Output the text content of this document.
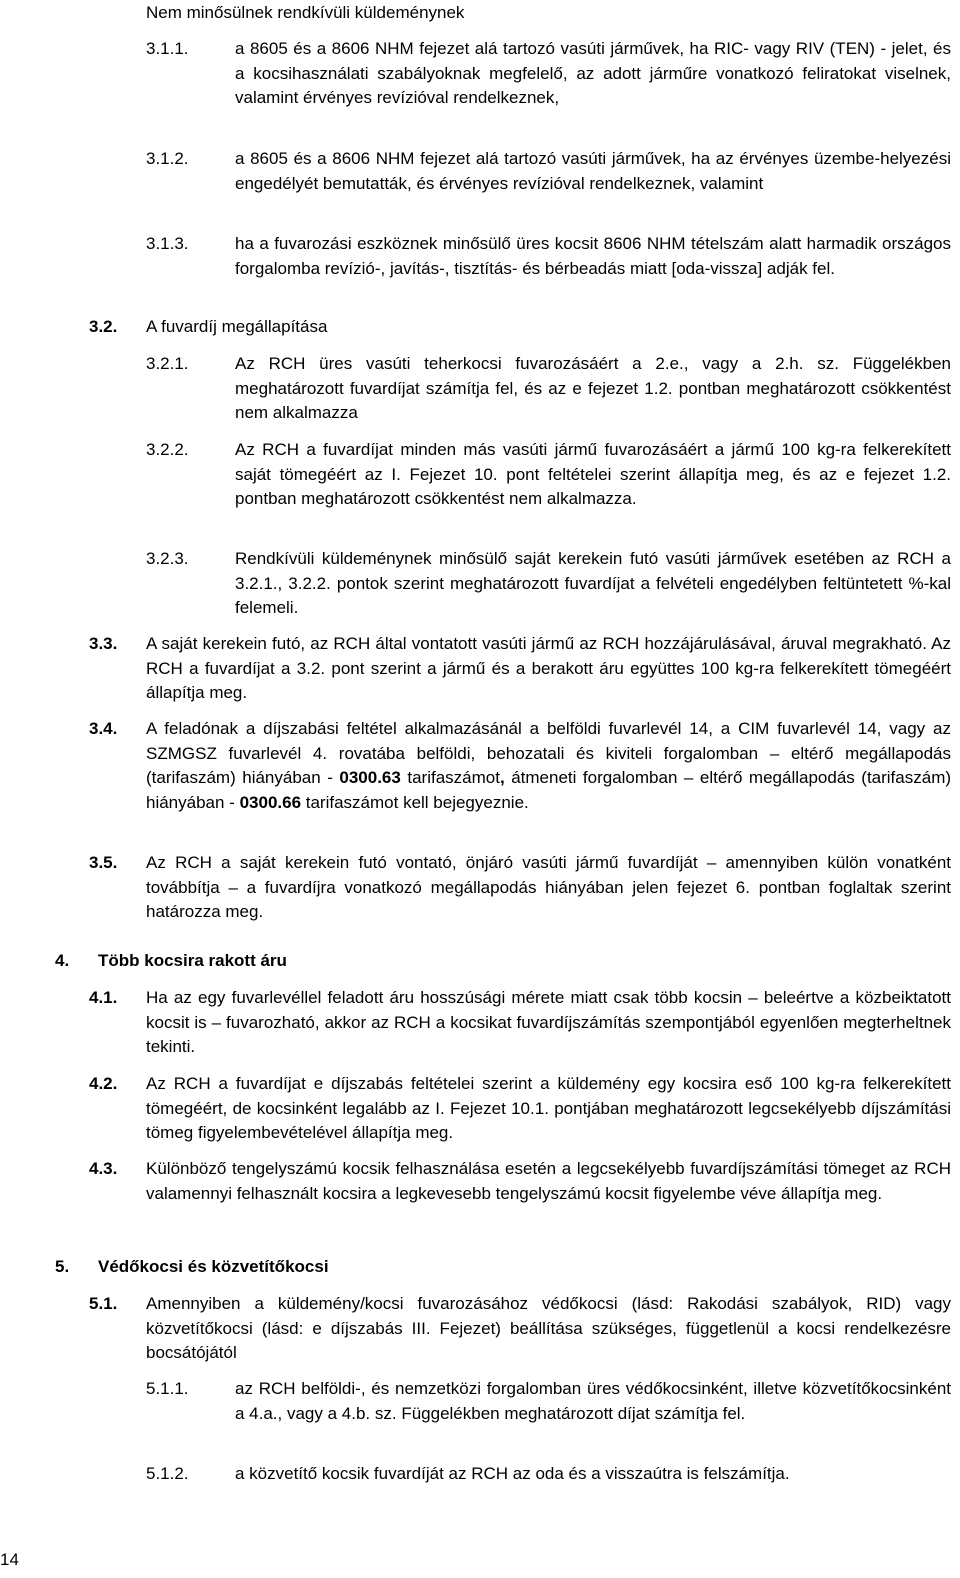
Nem minősülnek rendkívüli küldeménynek
3.1.1.	a 8605 és a 8606 NHM fejezet alá tartozó vasúti járművek, ha RIC- vagy RIV (TEN) - jelet, és a kocsihasználati szabályoknak megfelelő, az adott járműre vonatkozó feliratokat viselnek, valamint érvényes revízióval rendelkeznek,
3.1.2.	a 8605 és a 8606 NHM fejezet alá tartozó vasúti járművek, ha az érvényes üzembe-helyezési engedélyét bemutatták, és érvényes revízióval rendelkeznek, valamint
3.1.3.	ha a fuvarozási eszköznek minősülő üres kocsit 8606 NHM tételszám alatt harmadik országos forgalomba revízió-, javítás-, tisztítás- és bérbeadás miatt [oda-vissza] adják fel.
3.2. A fuvardíj megállapítása
3.2.1.	Az RCH üres vasúti teherkocsi fuvarozásáért a 2.e., vagy a 2.h. sz. Függelékben meghatározott fuvardíjat számítja fel, és az e fejezet 1.2. pontban meghatározott csökkentést nem alkalmazza
3.2.2.	Az RCH a fuvardíjat minden más vasúti jármű fuvarozásáért a jármű 100 kg-ra felkerekített saját tömegéért az I. Fejezet 10. pont feltételei szerint állapítja meg, és az e fejezet 1.2. pontban meghatározott csökkentést nem alkalmazza.
3.2.3.	Rendkívüli küldeménynek minősülő saját kerekein futó vasúti járművek esetében az RCH a 3.2.1., 3.2.2. pontok szerint meghatározott fuvardíjat a felvételi engedélyben feltüntetett %-kal felemeli.
3.3. A saját kerekein futó, az RCH által vontatott vasúti jármű az RCH hozzájárulásával, áruval megrakható. Az RCH a fuvardíjat a 3.2. pont szerint a jármű és a berakott áru együttes 100 kg-ra felkerekített tömegéért állapítja meg.
3.4. A feladónak a díjszabási feltétel alkalmazásánál a belföldi fuvarlevél 14, a CIM fuvarlevél 14, vagy az SZMGSZ fuvarlevél 4. rovatába belföldi, behozatali és kiviteli forgalomban – eltérő megállapodás (tarifaszám) hiányában - 0300.63 tarifaszámot, átmeneti forgalomban – eltérő megállapodás (tarifaszám) hiányában - 0300.66 tarifaszámot kell bejegyeznie.
3.5. Az RCH a saját kerekein futó vontató, önjáró vasúti jármű fuvardíját – amennyiben külön vonatként továbbítja – a fuvardíjra vonatkozó megállapodás hiányában jelen fejezet 6. pontban foglaltak szerint határozza meg.
4. Több kocsira rakott áru
4.1. Ha az egy fuvarlevéllel feladott áru hosszúsági mérete miatt csak több kocsin – beleértve a közbeiktatott kocsit is – fuvarozható, akkor az RCH a kocsikat fuvardíjszámítás szempontjából egyenlően megterheltnek tekinti.
4.2. Az RCH a fuvardíjat e díjszabás feltételei szerint a küldemény egy kocsira eső 100 kg-ra felkerekített tömegéért, de kocsinként legalább az I. Fejezet 10.1. pontjában meghatározott legcsekélyebb díjszámítási tömeg figyelembevételével állapítja meg.
4.3. Különböző tengelyszámú kocsik felhasználása esetén a legcsekélyebb fuvardíjszámítási tömeget az RCH valamennyi felhasznált kocsira a legkevesebb tengelyszámú kocsit figyelembe véve állapítja meg.
5. Védőkocsi és közvetítőkocsi
5.1. Amennyiben a küldemény/kocsi fuvarozásához védőkocsi (lásd: Rakodási szabályok, RID) vagy közvetítőkocsi (lásd: e díjszabás III. Fejezet) beállítása szükséges, függetlenül a kocsi rendelkezésre bocsátójától
5.1.1.	az RCH belföldi-, és nemzetközi forgalomban üres védőkocsinként, illetve közvetítőkocsinként a 4.a., vagy a 4.b. sz. Függelékben meghatározott díjat számítja fel.
5.1.2.	a közvetítő kocsik fuvardíját az RCH az oda és a visszaútra is felszámítja.
14
